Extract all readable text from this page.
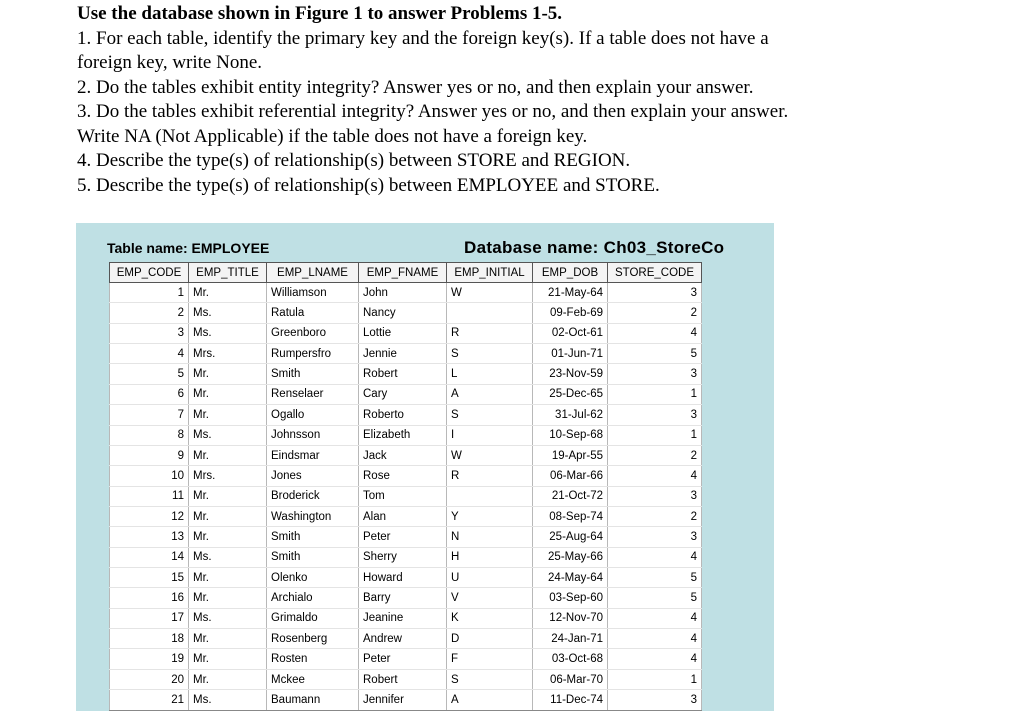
Use the database shown in Figure 1 to answer Problems 1-5.
1. For each table, identify the primary key and the foreign key(s). If a table does not have a
foreign key, write None.
2. Do the tables exhibit entity integrity? Answer yes or no, and then explain your answer.
3. Do the tables exhibit referential integrity? Answer yes or no, and then explain your answer.
Write NA (Not Applicable) if the table does not have a foreign key.
4. Describe the type(s) of relationship(s) between STORE and REGION.
5. Describe the type(s) of relationship(s) between EMPLOYEE and STORE.
Table name: EMPLOYEE	Database name: Ch03_StoreCo
EMP_CODE	EMP_TITLE	EMP_LNAME	EMP_FNAME	EMP_INITIAL	EMP_DOB	STORE_CODE
1	Mr.	Williamson	John	W	21-May-64	3
2	Ms.	Ratula	Nancy		09-Feb-69	2
3	Ms.	Greenboro	Lottie	R	02-Oct-61	4
4	Mrs.	Rumpersfro	Jennie	S	01-Jun-71	5
5	Mr.	Smith	Robert	L	23-Nov-59	3
6	Mr.	Renselaer	Cary	A	25-Dec-65	1
7	Mr.	Ogallo	Roberto	S	31-Jul-62	3
8	Ms.	Johnsson	Elizabeth	I	10-Sep-68	1
9	Mr.	Eindsmar	Jack	W	19-Apr-55	2
10	Mrs.	Jones	Rose	R	06-Mar-66	4
11	Mr.	Broderick	Tom		21-Oct-72	3
12	Mr.	Washington	Alan	Y	08-Sep-74	2
13	Mr.	Smith	Peter	N	25-Aug-64	3
14	Ms.	Smith	Sherry	H	25-May-66	4
15	Mr.	Olenko	Howard	U	24-May-64	5
16	Mr.	Archialo	Barry	V	03-Sep-60	5
17	Ms.	Grimaldo	Jeanine	K	12-Nov-70	4
18	Mr.	Rosenberg	Andrew	D	24-Jan-71	4
19	Mr.	Rosten	Peter	F	03-Oct-68	4
20	Mr.	Mckee	Robert	S	06-Mar-70	1
21	Ms.	Baumann	Jennifer	A	11-Dec-74	3
